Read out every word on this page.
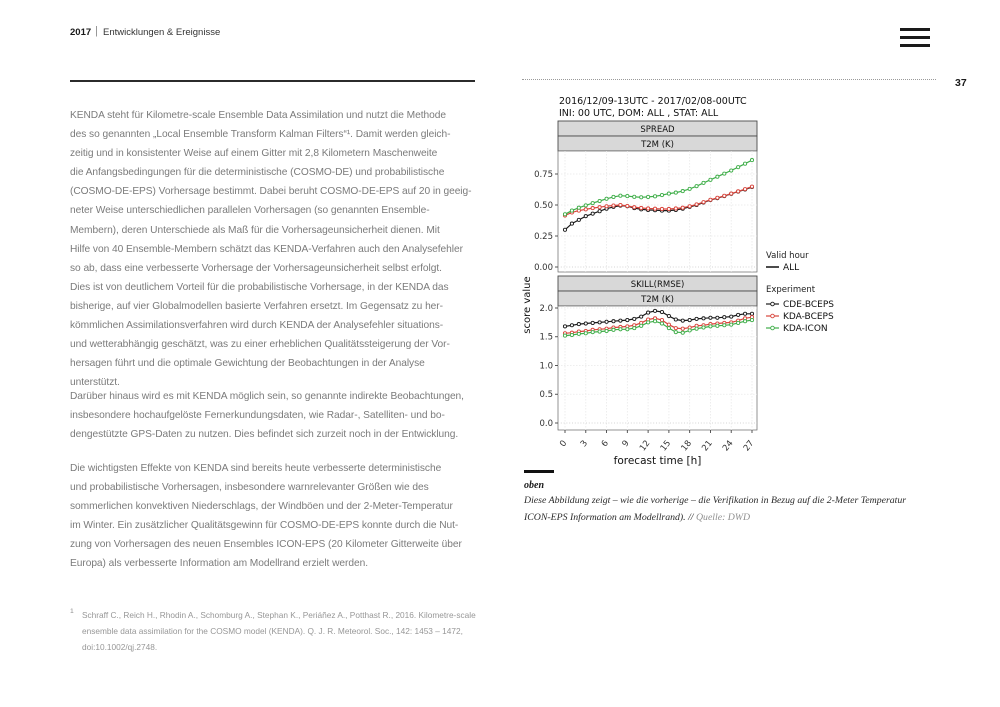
2017 | Entwicklungen & Ereignisse
37
KENDA steht für Kilometre-scale Ensemble Data Assimilation und nutzt die Methode
des so genannten „Local Ensemble Transform Kalman Filters“¹. Damit werden gleich-
zeitig und in konsistenter Weise auf einem Gitter mit 2,8 Kilometern Maschenweite
die Anfangsbedingungen für die deterministische (COSMO-DE) und probabilistische
(COSMO-DE-EPS) Vorhersage bestimmt. Dabei beruht COSMO-DE-EPS auf 20 in geeig-
neter Weise unterschiedlichen parallelen Vorhersagen (so genannten Ensemble-
Membern), deren Unterschiede als Maß für die Vorhersageunsicherheit dienen. Mit
Hilfe von 40 Ensemble-Membern schätzt das KENDA-Verfahren auch den Analysefehler
so ab, dass eine verbesserte Vorhersage der Vorhersageunsicherheit selbst erfolgt.
Dies ist von deutlichem Vorteil für die probabilistische Vorhersage, in der KENDA das
bisherige, auf vier Globalmodellen basierte Verfahren ersetzt. Im Gegensatz zu her-
kömmlichen Assimilationsverfahren wird durch KENDA der Analysefehler situations-
und wetterabhängig geschätzt, was zu einer erheblichen Qualitätssteigerung der Vor-
hersagen führt und die optimale Gewichtung der Beobachtungen in der Analyse
unterstützt.
Darüber hinaus wird es mit KENDA möglich sein, so genannte indirekte Beobachtungen,
insbesondere hochaufgelöste Fernerkundungsdaten, wie Radar-, Satelliten- und bo-
dengestützte GPS-Daten zu nutzen. Dies befindet sich zurzeit noch in der Entwicklung.
Die wichtigsten Effekte von KENDA sind bereits heute verbesserte deterministische
und probabilistische Vorhersagen, insbesondere warnrelevanter Größen wie des
sommerlichen konvektiven Niederschlags, der Windböen und der 2-Meter-Temperatur
im Winter. Ein zusätzlicher Qualitätsgewinn für COSMO-DE-EPS konnte durch die Nut-
zung von Vorhersagen des neuen Ensembles ICON-EPS (20 Kilometer Gitterweite über
Europa) als verbesserte Information am Modellrand erzielt werden.
1 Schraff C., Reich H., Rhodin A., Schomburg A., Stephan K., Periáñez A., Potthast R., 2016. Kilometre-scale
ensemble data assimilation for the COSMO model (KENDA). Q. J. R. Meteorol. Soc., 142: 1453 – 1472,
doi:10.1002/qj.2748.
2016/12/09-13UTC - 2017/02/08-00UTC
INI: 00 UTC, DOM: ALL , STAT: ALL
SPREAD
T2M (K)
0.00
0.25
0.50
0.75
SKILL(RMSE)
T2M (K)
0.0
0.5
1.0
1.5
2.0
0 3 6 9 12 15 18 21 24 27
forecast time [h]
score value
Valid hour
ALL
Experiment
CDE-BCEPS
KDA-BCEPS
KDA-ICON
oben
Diese Abbildung zeigt – wie die vorherige – die Verifikation in Bezug auf die 2-Meter Temperatur
ICON-EPS Information am Modellrand). // Quelle: DWD
